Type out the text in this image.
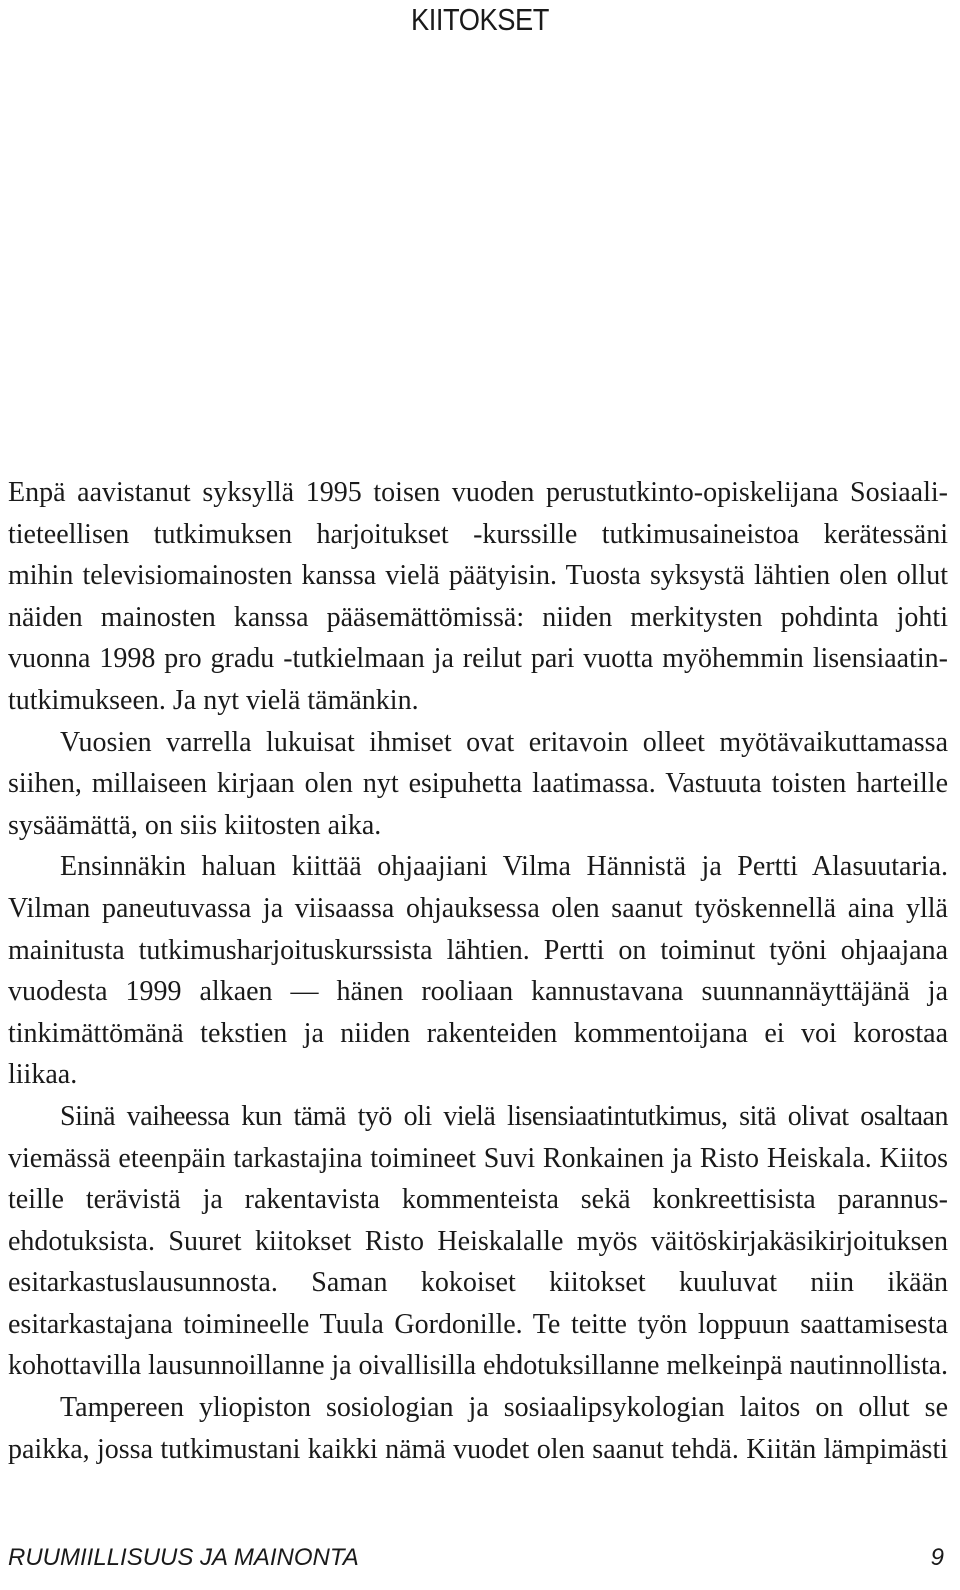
KIITOKSET

Enpä aavistanut syksyllä 1995 toisen vuoden perustutkinto-opiskelijana Sosiaali-
tieteellisen tutkimuksen harjoitukset -kurssille tutkimusaineistoa kerätessäni
mihin televisiomainosten kanssa vielä päätyisin. Tuosta syksystä lähtien olen ollut
näiden mainosten kanssa pääsemättömissä: niiden merkitysten pohdinta johti
vuonna 1998 pro gradu -tutkielmaan ja reilut pari vuotta myöhemmin lisensiaatin-
tutkimukseen. Ja nyt vielä tämänkin.

Vuosien varrella lukuisat ihmiset ovat eritavoin olleet myötävaikuttamassa
siihen, millaiseen kirjaan olen nyt esipuhetta laatimassa. Vastuuta toisten harteille
sysäämättä, on siis kiitosten aika.

Ensinnäkin haluan kiittää ohjaajiani Vilma Hännistä ja Pertti Alasuutaria.
Vilman paneutuvassa ja viisaassa ohjauksessa olen saanut työskennellä aina yllä
mainitusta tutkimusharjoituskurssista lähtien. Pertti on toiminut työni ohjaajana
vuodesta 1999 alkaen — hänen rooliaan kannustavana suunnannäyttäjänä ja
tinkimättömänä tekstien ja niiden rakenteiden kommentoijana ei voi korostaa
liikaa.

Siinä vaiheessa kun tämä työ oli vielä lisensiaatintutkimus, sitä olivat osaltaan
viemässä eteenpäin tarkastajina toimineet Suvi Ronkainen ja Risto Heiskala. Kiitos
teille terävistä ja rakentavista kommenteista sekä konkreettisista parannus-
ehdotuksista. Suuret kiitokset Risto Heiskalalle myös väitöskirjakäsikirjoituksen
esitarkastuslausunnosta. Saman kokoiset kiitokset kuuluvat niin ikään
esitarkastajana toimineelle Tuula Gordonille. Te teitte työn loppuun saattamisesta
kohottavilla lausunnoillanne ja oivallisilla ehdotuksillanne melkeinpä nautinnollista.

Tampereen yliopiston sosiologian ja sosiaalipsykologian laitos on ollut se
paikka, jossa tutkimustani kaikki nämä vuodet olen saanut tehdä. Kiitän lämpimästi

RUUMIILLISUUS JA MAINONTA	9
